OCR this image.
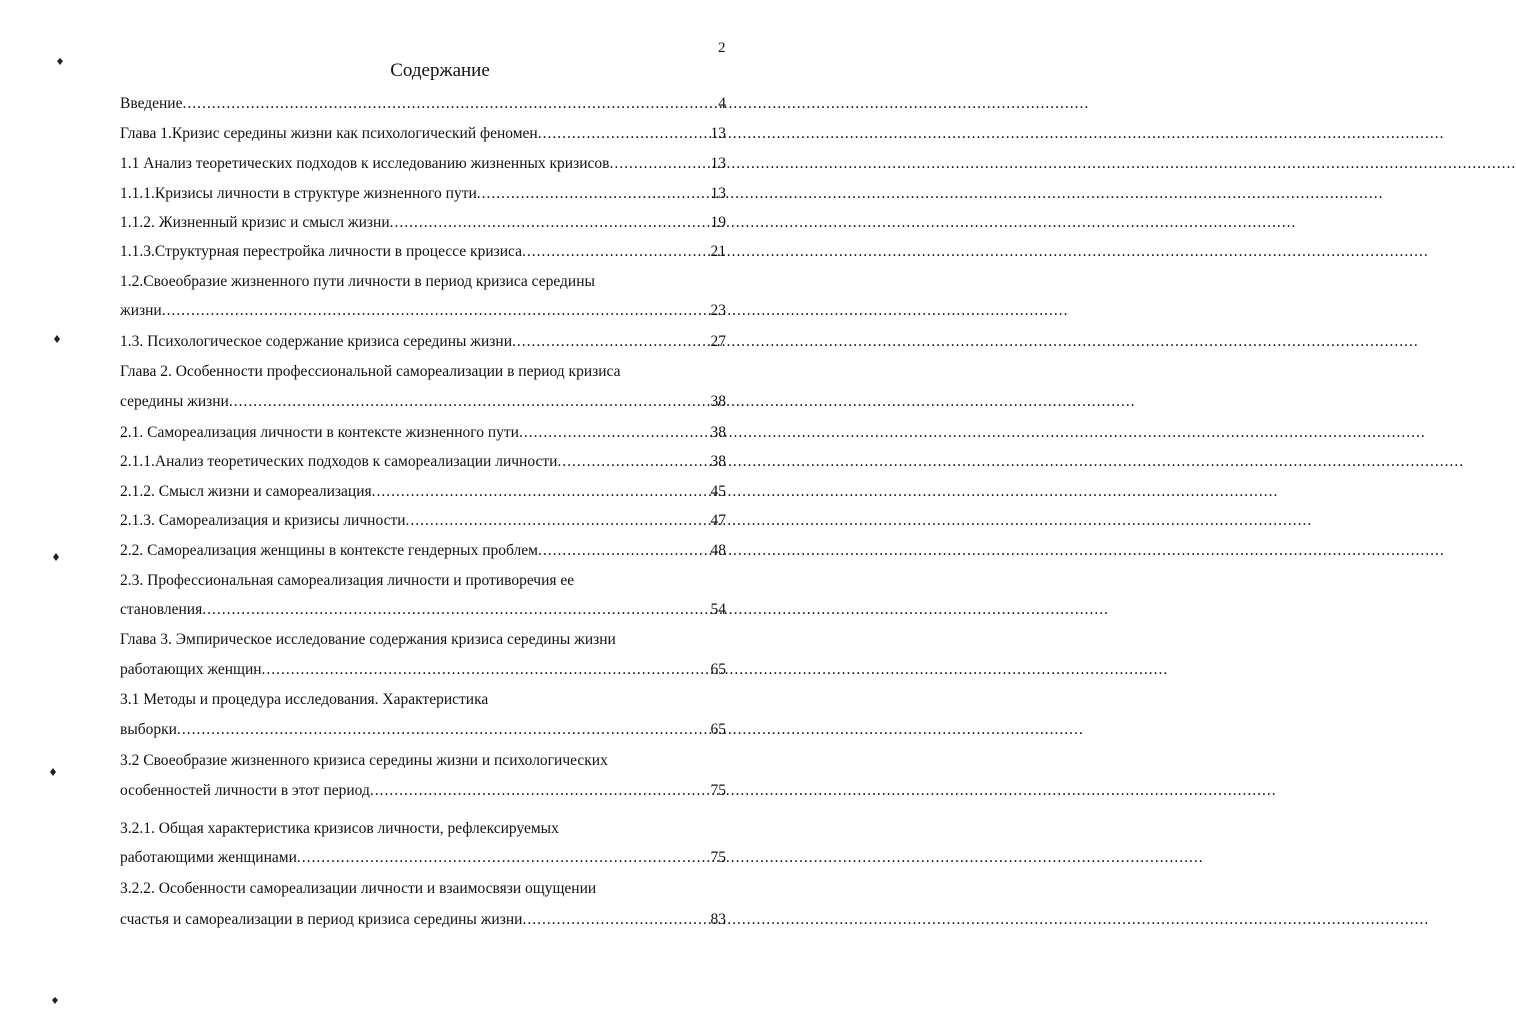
2
Содержание
Введение .....	4
Глава 1.Кризис середины жизни как психологический феномен .....	13
1.1 Анализ теоретических подходов к исследованию жизненных кризисов .....	13
1.1.1.Кризисы личности в структуре жизненного пути .....	13
1.1.2. Жизненный кризис и смысл жизни .....	19
1.1.3.Структурная перестройка личности в процессе кризиса .....	21
1.2.Своеобразие жизненного пути личности в период кризиса середины
жизни .....	23
1.3. Психологическое содержание кризиса середины жизни .....	27
Глава 2. Особенности профессиональной самореализации в период кризиса
середины жизни .....	38
2.1. Самореализация личности в контексте жизненного пути .....	38
2.1.1.Анализ теоретических подходов к самореализации личности .....	38
2.1.2. Смысл жизни и самореализация .....	45
2.1.3. Самореализация и кризисы личности .....	47
2.2. Самореализация женщины в контексте гендерных проблем .....	48
2.3. Профессиональная самореализация личности и противоречия ее
становления .....	54
Глава 3. Эмпирическое исследование содержания кризиса середины жизни
работающих женщин .....	65
3.1 Методы и процедура исследования. Характеристика
выборки .....	65
3.2 Своеобразие жизненного кризиса середины жизни и психологических
особенностей личности в этот период .....	75
3.2.1. Общая характеристика кризисов личности, рефлексируемых
работающими женщинами .....	75
3.2.2. Особенности самореализации личности и взаимосвязи ощущении
счастья и самореализации в период кризиса середины жизни .....	83
